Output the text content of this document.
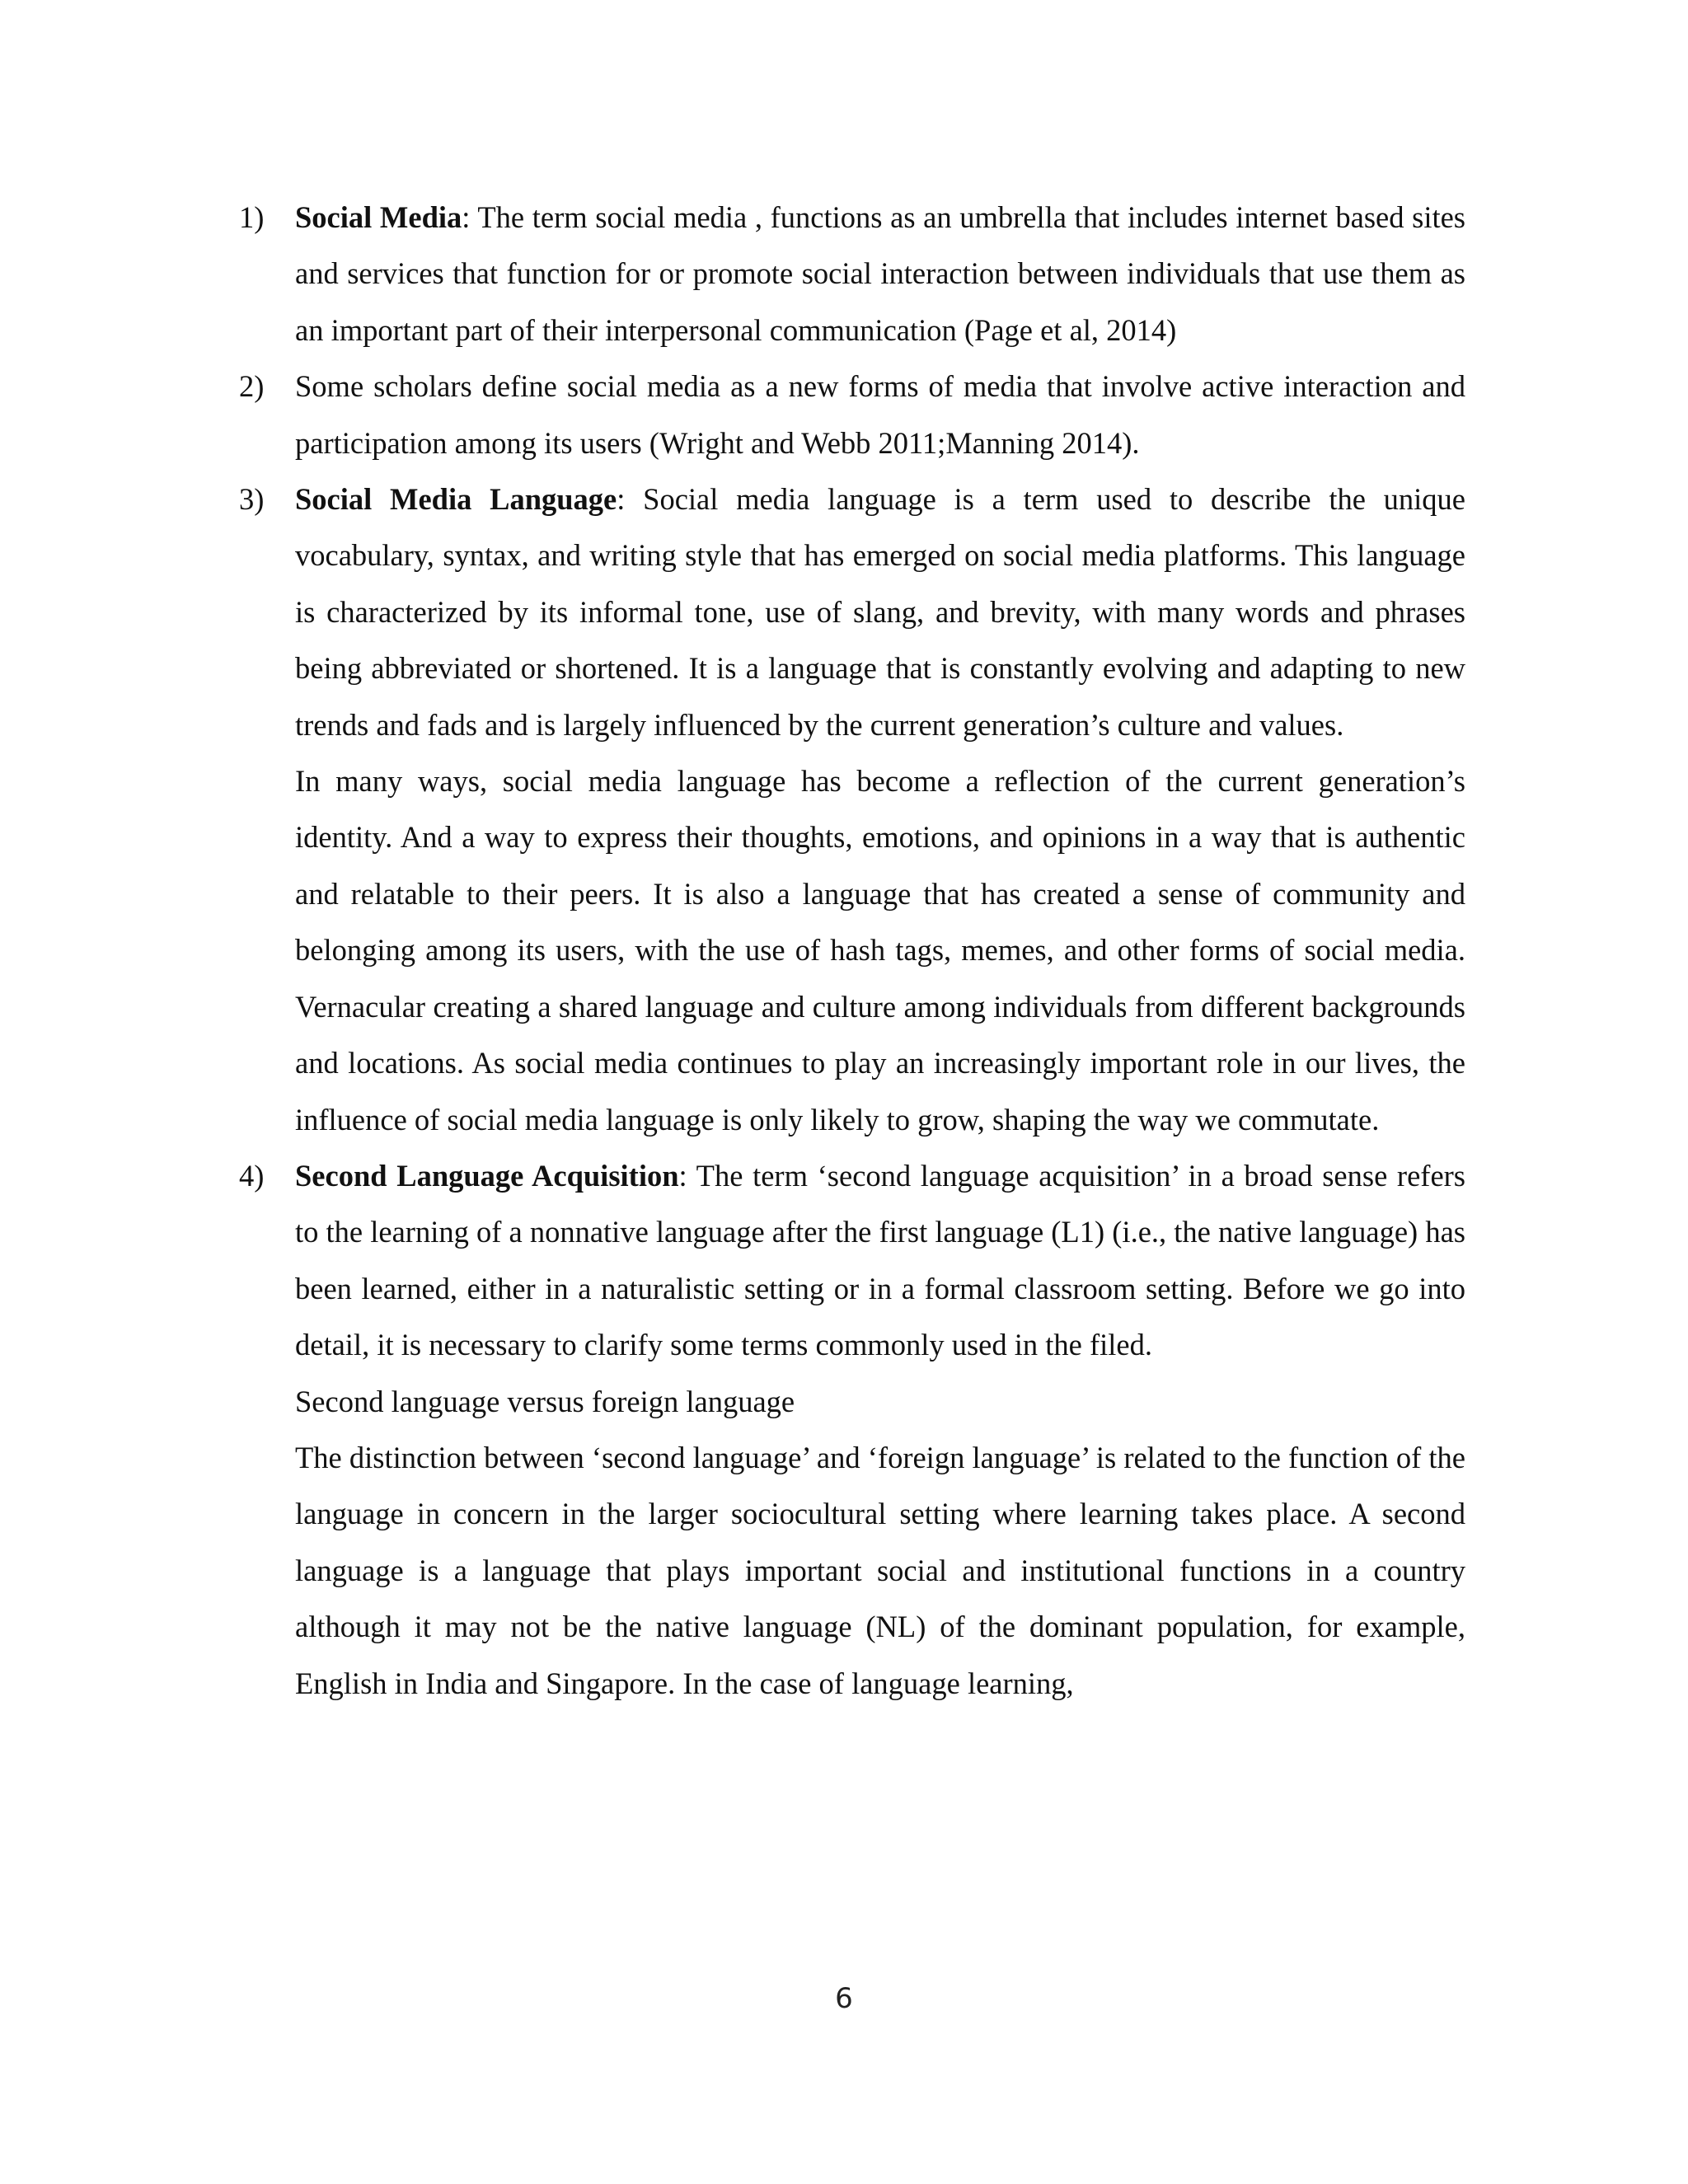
1)	Social Media: The term social media , functions as an umbrella that includes internet based sites and services that function for or promote social interaction between individuals that use them as an important part of their interpersonal communication (Page et al, 2014)

2)	Some scholars define social media as a new forms of media that involve active interaction and participation among its users (Wright and Webb 2011;Manning 2014).

3)	Social Media Language: Social media language is a term used to describe the unique vocabulary, syntax, and writing style that has emerged on social media platforms. This language is characterized by its informal tone, use of slang, and brevity, with many words and phrases being abbreviated or shortened. It is a language that is constantly evolving and adapting to new trends and fads and is largely influenced by the current generation’s culture and values.

In many ways, social media language has become a reflection of the current generation’s identity. And a way to express their thoughts, emotions, and opinions in a way that is authentic and relatable to their peers. It is also a language that has created a sense of community and belonging among its users, with the use of hash tags, memes, and other forms of social media. Vernacular creating a shared language and culture among individuals from different backgrounds and locations. As social media continues to play an increasingly important role in our lives, the influence of social media language is only likely to grow, shaping the way we commutate.

4)	Second Language Acquisition: The term ‘second language acquisition’ in a broad sense refers to the learning of a nonnative language after the first language (L1) (i.e., the native language) has been learned, either in a naturalistic setting or in a formal classroom setting. Before we go into detail, it is necessary to clarify some terms commonly used in the filed.

Second language versus foreign language

The distinction between ‘second language’ and ‘foreign language’ is related to the function of the language in concern in the larger sociocultural setting where learning takes place. A second language is a language that plays important social and institutional functions in a country although it may not be the native language (NL) of the dominant population, for example, English in India and Singapore. In the case of language learning,

6
